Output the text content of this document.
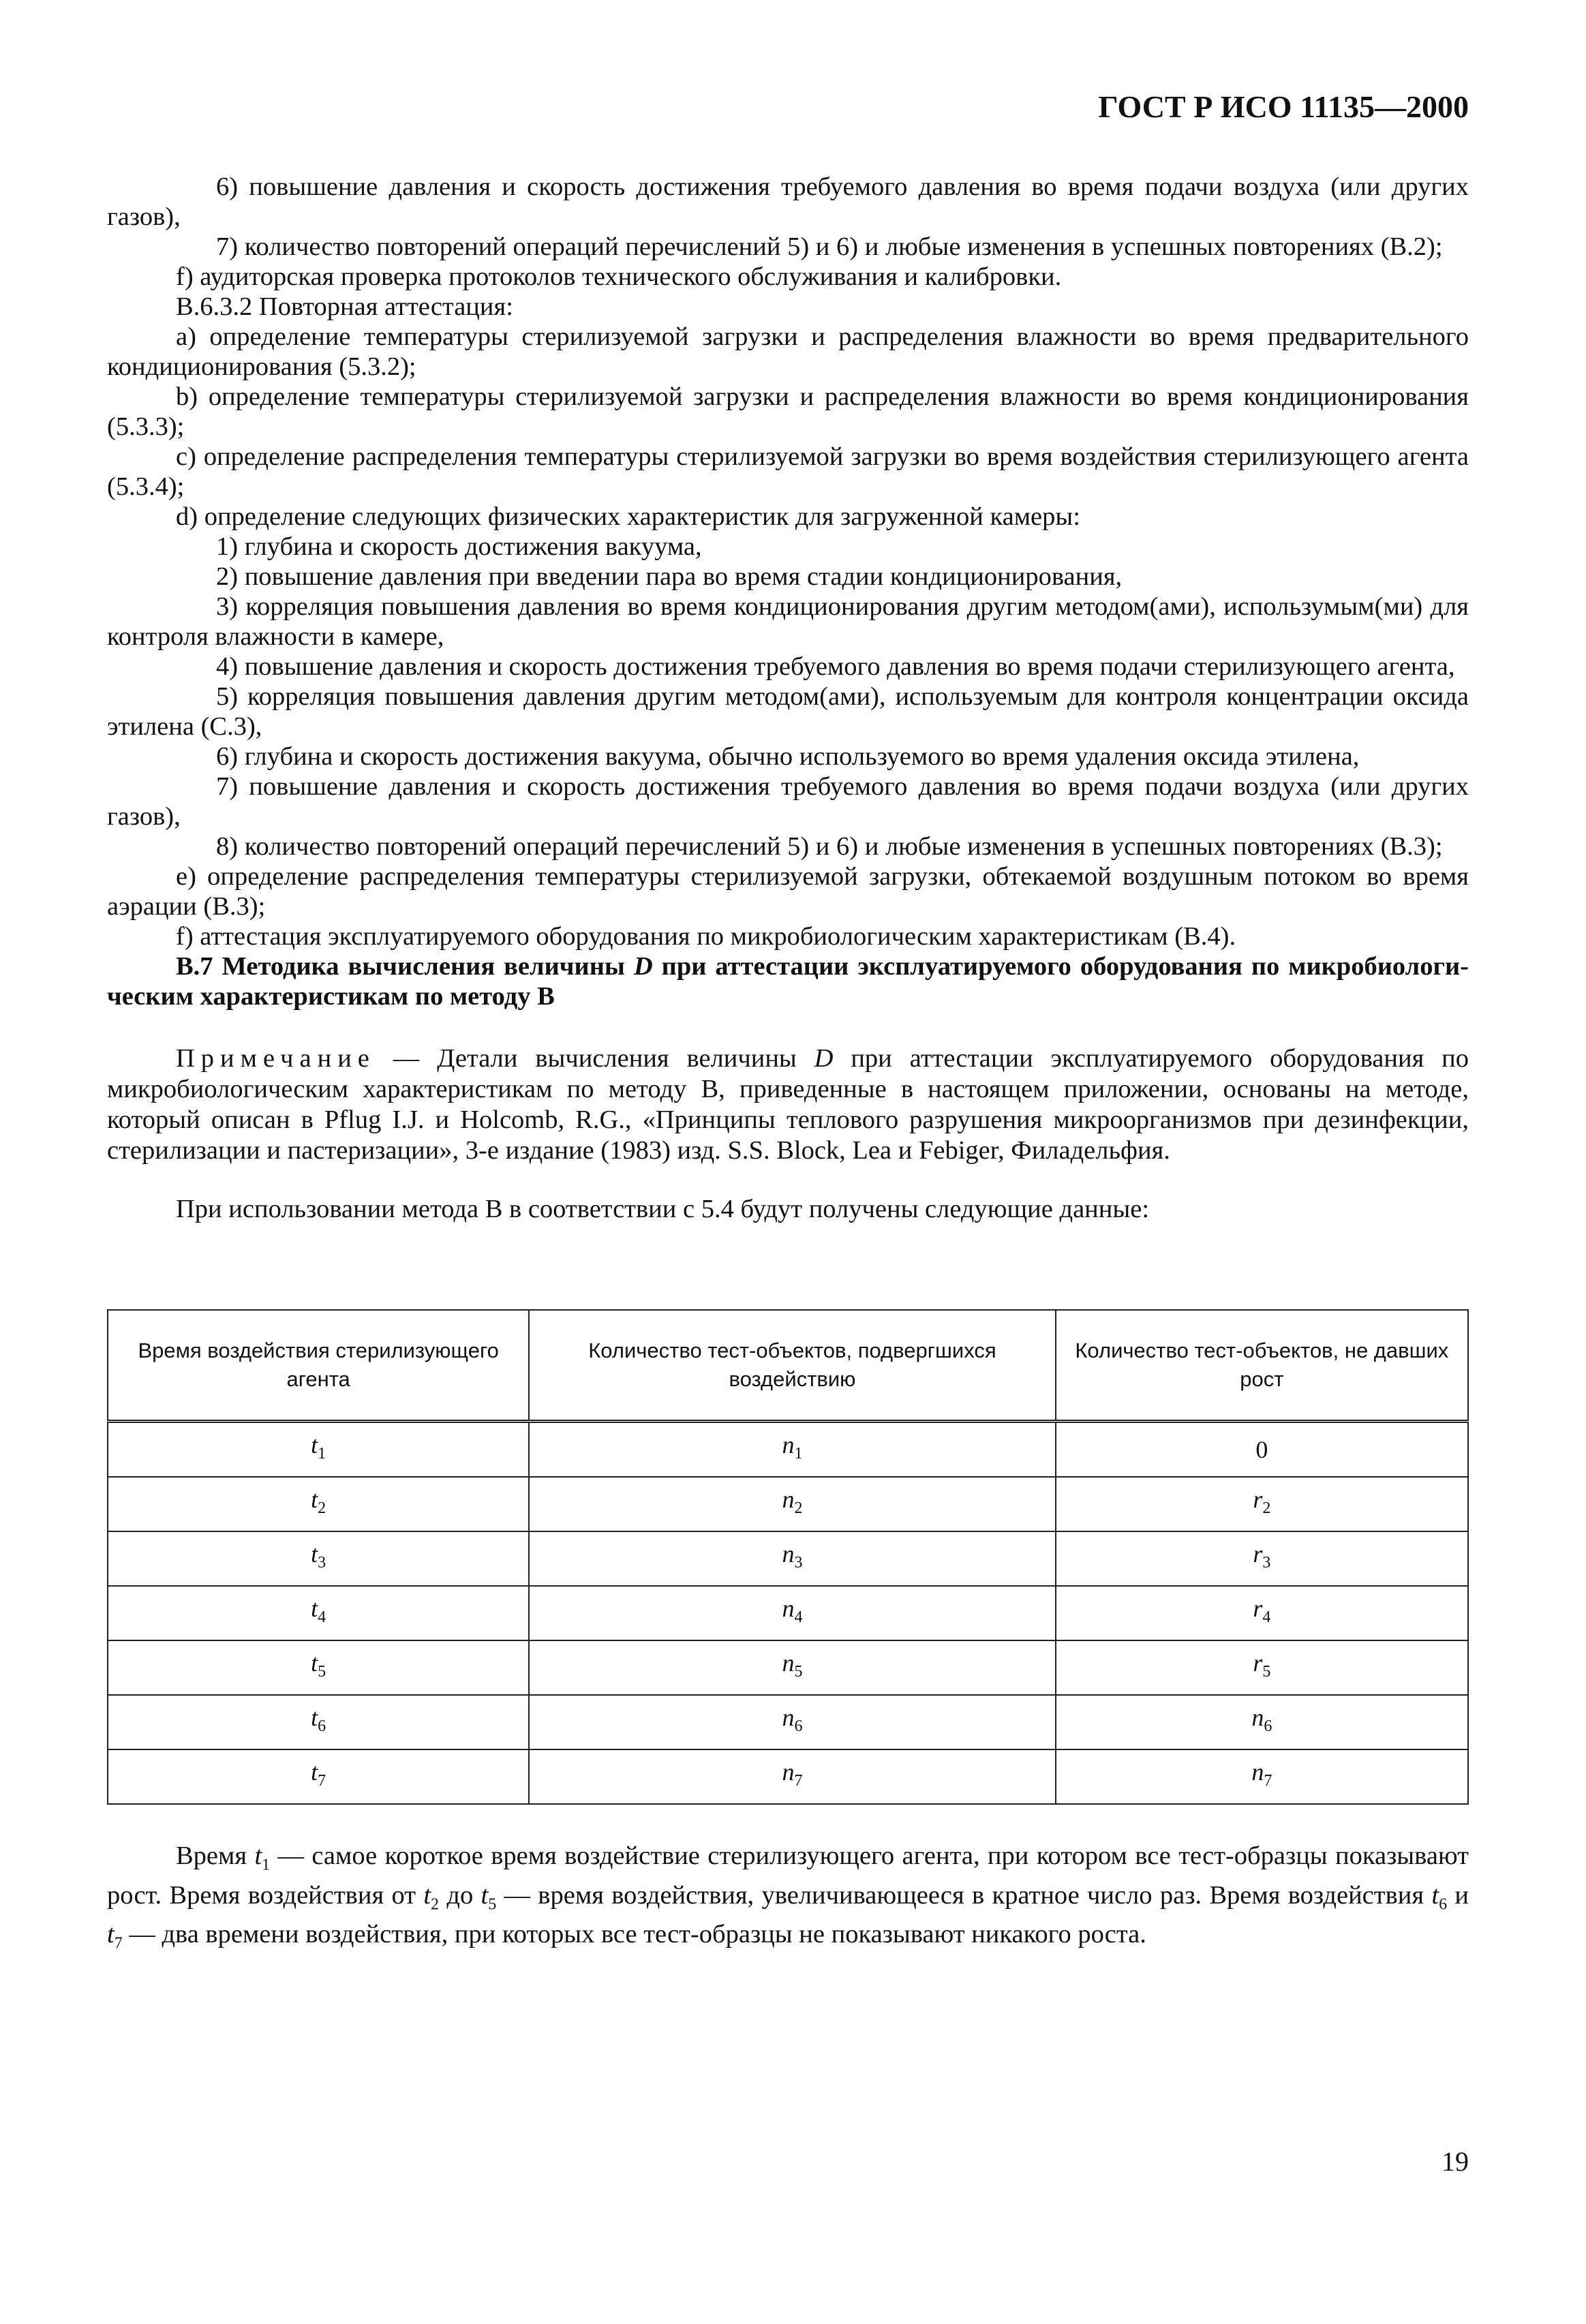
ГОСТ Р ИСО 11135—2000

6) повышение давления и скорость достижения требуемого давления во время подачи воздуха (или других газов),

7) количество повторений операций перечислений 5) и 6) и любые изменения в успешных повторениях (В.2);

f) аудиторская проверка протоколов технического обслуживания и калибровки.

В.6.3.2 Повторная аттестация:

a) определение температуры стерилизуемой загрузки и распределения влажности во время предварительного кондиционирования (5.3.2);

b) определение температуры стерилизуемой загрузки и распределения влажности во время кондиционирования (5.3.3);

c) определение распределения температуры стерилизуемой загрузки во время воздействия стерилизующего агента (5.3.4);

d) определение следующих физических характеристик для загруженной камеры:

1) глубина и скорость достижения вакуума,

2) повышение давления при введении пара во время стадии кондиционирования,

3) корреляция повышения давления во время кондиционирования другим методом(ами), использумым(ми) для контроля влажности в камере,

4) повышение давления и скорость достижения требуемого давления во время подачи стерилизующего агента,

5) корреляция повышения давления другим методом(ами), используемым для контроля концентрации оксида этилена (С.3),

6) глубина и скорость достижения вакуума, обычно используемого во время удаления оксида этилена,

7) повышение давления и скорость достижения требуемого давления во время подачи воздуха (или других газов),

8) количество повторений операций перечислений 5) и 6) и любые изменения в успешных повторениях (В.3);

e) определение распределения температуры стерилизуемой загрузки, обтекаемой воздушным потоком во время аэрации (В.3);

f) аттестация эксплуатируемого оборудования по микробиологическим характеристикам (В.4).

В.7 Методика вычисления величины D при аттестации эксплуатируемого оборудования по микробиологическим характеристикам по методу В

Примечание — Детали вычисления величины D при аттестации эксплуатируемого оборудования по микробиологическим характеристикам по методу В, приведенные в настоящем приложении, основаны на методе, который описан в Pflug I.J. и Holcomb, R.G., «Принципы теплового разрушения микроорганизмов при дезинфекции, стерилизации и пастеризации», 3-е издание (1983) изд. S.S. Block, Lea и Febiger, Филадельфия.

При использовании метода В в соответствии с 5.4 будут получены следующие данные:

Время воздействия стерилизующего агента	Количество тест-объектов, подвергшихся воздействию	Количество тест-объектов, не давших рост
$t_1$	$n_1$	0
$t_2$	$n_2$	$r_2$
$t_3$	$n_3$	$r_3$
$t_4$	$n_4$	$r_4$
$t_5$	$n_5$	$r_5$
$t_6$	$n_6$	$n_6$
$t_7$	$n_7$	$n_7$

Время $t_1$ — самое короткое время воздействие стерилизующего агента, при котором все тест-образцы показывают рост. Время воздействия от $t_2$ до $t_5$ — время воздействия, увеличивающееся в кратное число раз. Время воздействия $t_6$ и $t_7$ — два времени воздействия, при которых все тест-образцы не показывают никакого роста.

19
